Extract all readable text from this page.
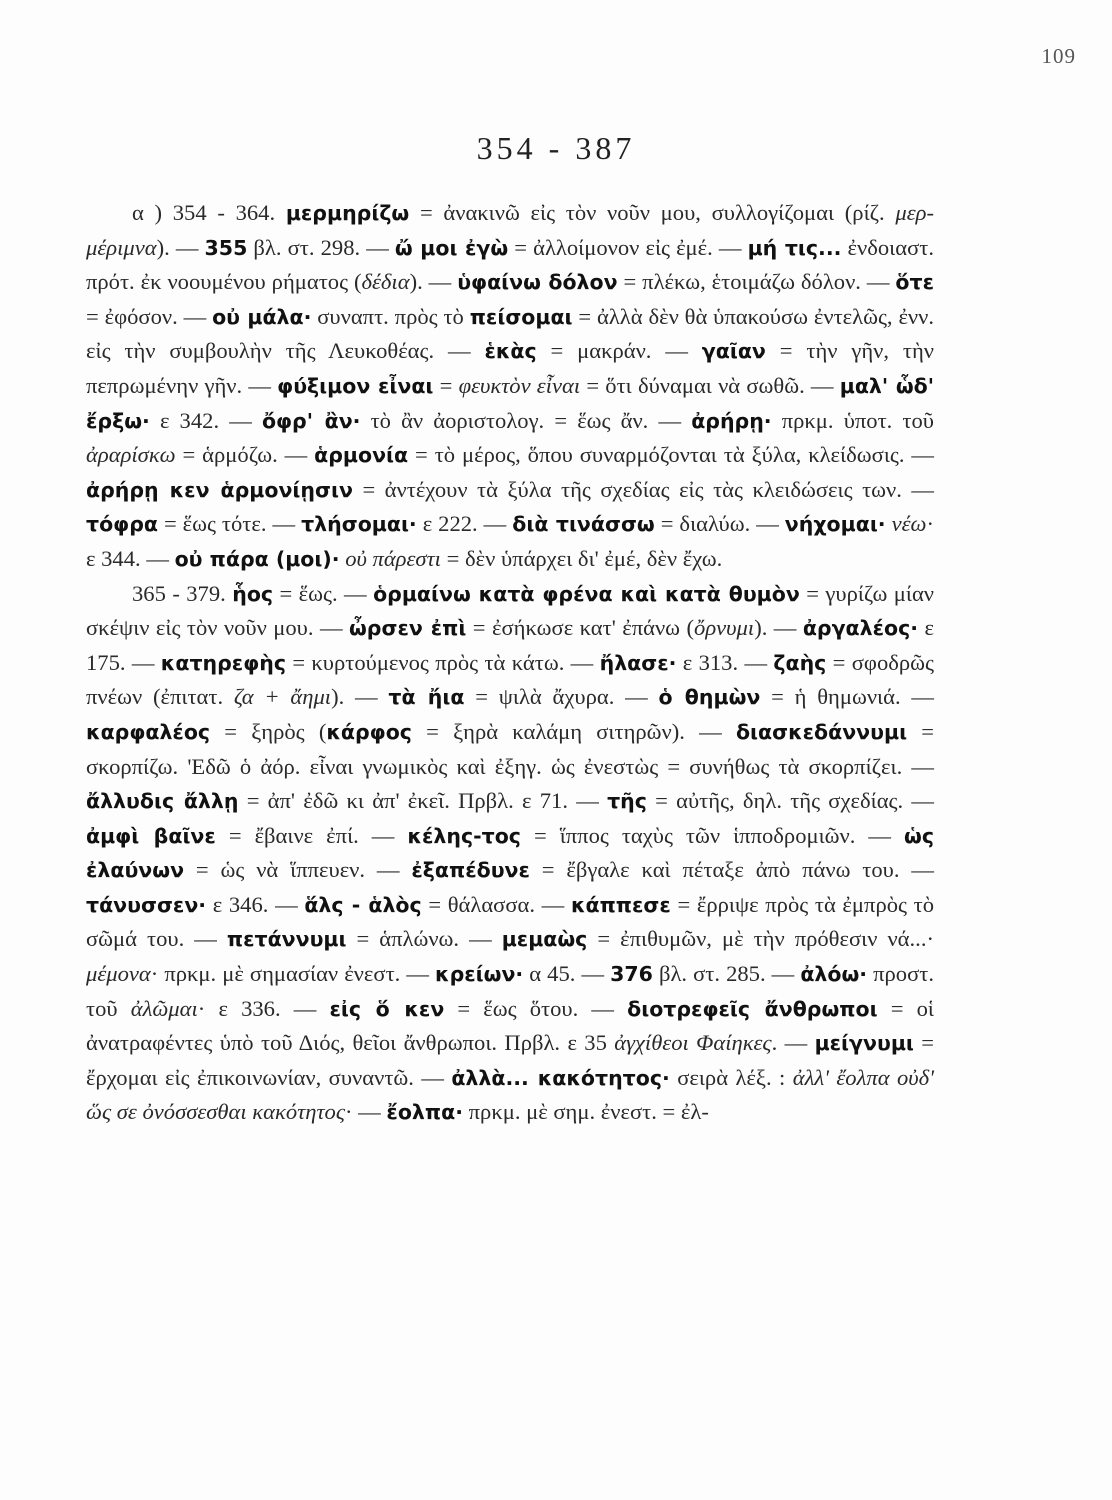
109
354 - 387

α ) 354 - 364. μερμηρίζω = ἀνακινῶ εἰς τὸν νοῦν μου, συλλογίζομαι (ρίζ. μερ-μέριμνα). — 355 βλ. στ. 298. — ὤ μοι ἐγὼ = ἀλλοίμονον εἰς ἐμέ. — μή τις... ἐνδοιαστ. πρότ. ἐκ νοουμένου ρήματος (δέδια). — ὑφαίνω δόλον = πλέκω, ἑτοιμάζω δόλον. — ὅτε = ἐφόσον. — οὐ μάλα· συναπτ. πρὸς τὸ πείσομαι = ἀλλὰ δὲν θὰ ὑπακούσω ἐντελῶς, ἐνν. εἰς τὴν συμβουλὴν τῆς Λευκοθέας. — ἑκὰς = μακράν. — γαῖαν = τὴν γῆν, τὴν πεπρωμένην γῆν. — φύξιμον εἶναι = φευκτὸν εἶναι = ὅτι δύναμαι νὰ σωθῶ. — μαλ' ὧδ' ἔρξω· ε 342. — ὄφρ' ἂν· τὸ ἂν ἀοριστολογ. = ἕως ἄν. — ἀρήρῃ· πρκμ. ὑποτ. τοῦ ἀραρίσκω = ἁρμόζω. — ἁρμονία = τὸ μέρος, ὅπου συναρμόζονται τὰ ξύλα, κλείδωσις. — ἀρήρῃ κεν ἁρμονίῃσιν = ἀντέχουν τὰ ξύλα τῆς σχεδίας εἰς τὰς κλειδώσεις των. — τόφρα = ἕως τότε. — τλήσομαι· ε 222. — διὰ τινάσσω = διαλύω. — νήχομαι· νέω· ε 344. — οὐ πάρα (μοι)· οὐ πάρεστι = δὲν ὑπάρχει δι' ἐμέ, δὲν ἔχω.

365 - 379. ἧος = ἕως. — ὁρμαίνω κατὰ φρένα καὶ κατὰ θυμὸν = γυρίζω μίαν σκέψιν εἰς τὸν νοῦν μου. — ὦρσεν ἐπὶ = ἐσήκωσε κατ' ἐπάνω (ὄρνυμι). — ἀργαλέος· ε 175. — κατηρεφὴς = κυρτούμενος πρὸς τὰ κάτω. — ἤλασε· ε 313. — ζαὴς = σφοδρῶς πνέων (ἐπιτατ. ζα + ἄημι). — τὰ ἤια = ψιλὰ ἄχυρα. — ὁ θημὼν = ἡ θημωνιά. — καρφαλέος = ξηρὸς (κάρφος = ξηρὰ καλάμη σιτηρῶν). — διασκεδάννυμι = σκορπίζω. 'Εδῶ ὁ ἀόρ. εἶναι γνωμικὸς καὶ ἐξηγ. ὡς ἐνεστὼς = συνήθως τὰ σκορπίζει. — ἄλλυδις ἄλλῃ = ἀπ' ἐδῶ κι ἀπ' ἐκεῖ. Πρβλ. ε 71. — τῆς = αὐτῆς, δηλ. τῆς σχεδίας. — ἀμφὶ βαῖνε = ἔβαινε ἐπί. — κέλης-τος = ἵππος ταχὺς τῶν ἱπποδρομιῶν. — ὡς ἐλαύνων = ὡς νὰ ἵππευεν. — ἐξαπέδυνε = ἔβγαλε καὶ πέταξε ἀπὸ πάνω του. — τάνυσσεν· ε 346. — ἅλς - ἁλὸς = θάλασσα. — κάππεσε = ἔρριψε πρὸς τὰ ἐμπρὸς τὸ σῶμά του. — πετάννυμι = ἁπλώνω. — μεμαὼς = ἐπιθυμῶν, μὲ τὴν πρόθεσιν νά...· μέμονα· πρκμ. μὲ σημασίαν ἐνεστ. — κρείων· α 45. — 376 βλ. στ. 285. — ἀλόω· προστ. τοῦ ἀλῶμαι· ε 336. — εἰς ὅ κεν = ἕως ὅτου. — διοτρεφεῖς ἄνθρωποι = οἱ ἀνατραφέντες ὑπὸ τοῦ Διός, θεῖοι ἄνθρωποι. Πρβλ. ε 35 ἀγχίθεοι Φαίηκες. — μείγνυμι = ἔρχομαι εἰς ἐπικοινωνίαν, συναντῶ. — ἀλλὰ... κακότητος· σειρὰ λέξ. : ἀλλ' ἔολπα οὐδ' ὥς σε ὀνόσσεσθαι κακότητος· — ἔολπα· πρκμ. μὲ σημ. ἐνεστ. = ἐλ-
